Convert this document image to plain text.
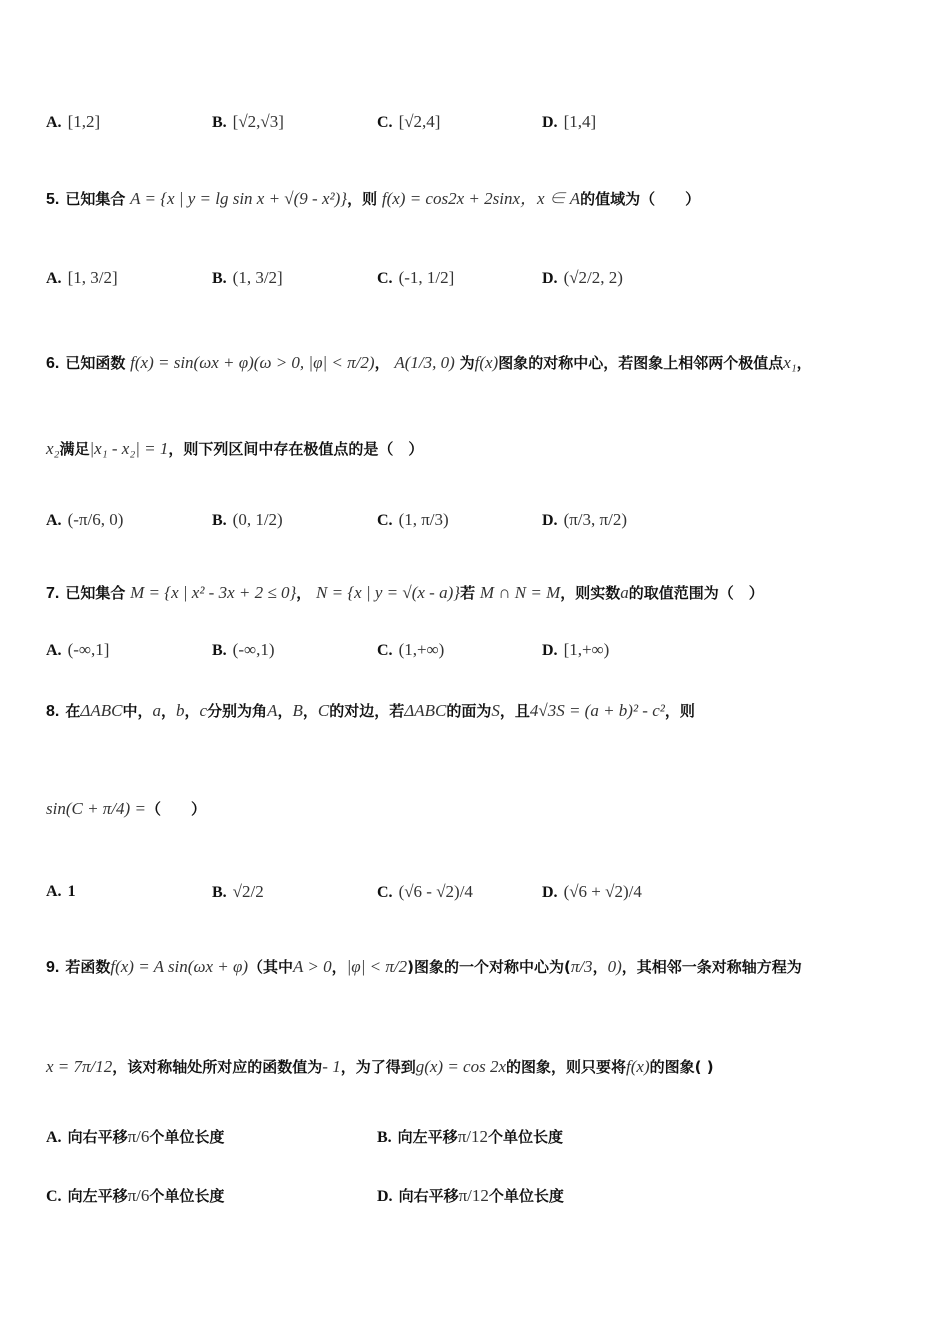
A. [1,2]	B. [√2,√3]	C. [√2,4]	D. [1,4]
5. 已知集合 A = {x | y = lg sin x + √(9 - x²)}，则 f(x) = cos2x + 2sinx，x ∈ A的值域为（　　）
A. [1, 3/2]	B. (1, 3/2]	C. (-1, 1/2]	D. (√2/2, 2)
6. 已知函数 f(x) = sin(ωx + φ)(ω > 0, |φ| < π/2)， A(1/3, 0) 为f(x)图象的对称中心，若图象上相邻两个极值点x₁，
x₂满足|x₁ - x₂| = 1，则下列区间中存在极值点的是（　）
A. (-π/6, 0)	B. (0, 1/2)	C. (1, π/3)	D. (π/3, π/2)
7. 已知集合 M = {x | x² - 3x + 2 ≤ 0}， N = {x | y = √(x - a)}若 M ∩ N = M，则实数a的取值范围为（　）
A. (-∞,1]	B. (-∞,1)	C. (1,+∞)	D. [1,+∞)
8. 在ΔABC中，a，b，c分别为角A，B，C的对边，若ΔABC的面为S，且4√3S = (a + b)² - c²，则
sin(C + π/4) =（　　）
A. 1	B. √2/2	C. (√6 - √2)/4	D. (√6 + √2)/4
9. 若函数f(x) = A sin(ωx + φ)（其中A > 0，|φ| < π/2)图象的一个对称中心为(π/3，0)，其相邻一条对称轴方程为
x = 7π/12，该对称轴处所对应的函数值为- 1，为了得到g(x) = cos 2x的图象，则只要将f(x)的图象( )
A. 向右平移π/6个单位长度	B. 向左平移π/12个单位长度
C. 向左平移π/6个单位长度	D. 向右平移π/12个单位长度
